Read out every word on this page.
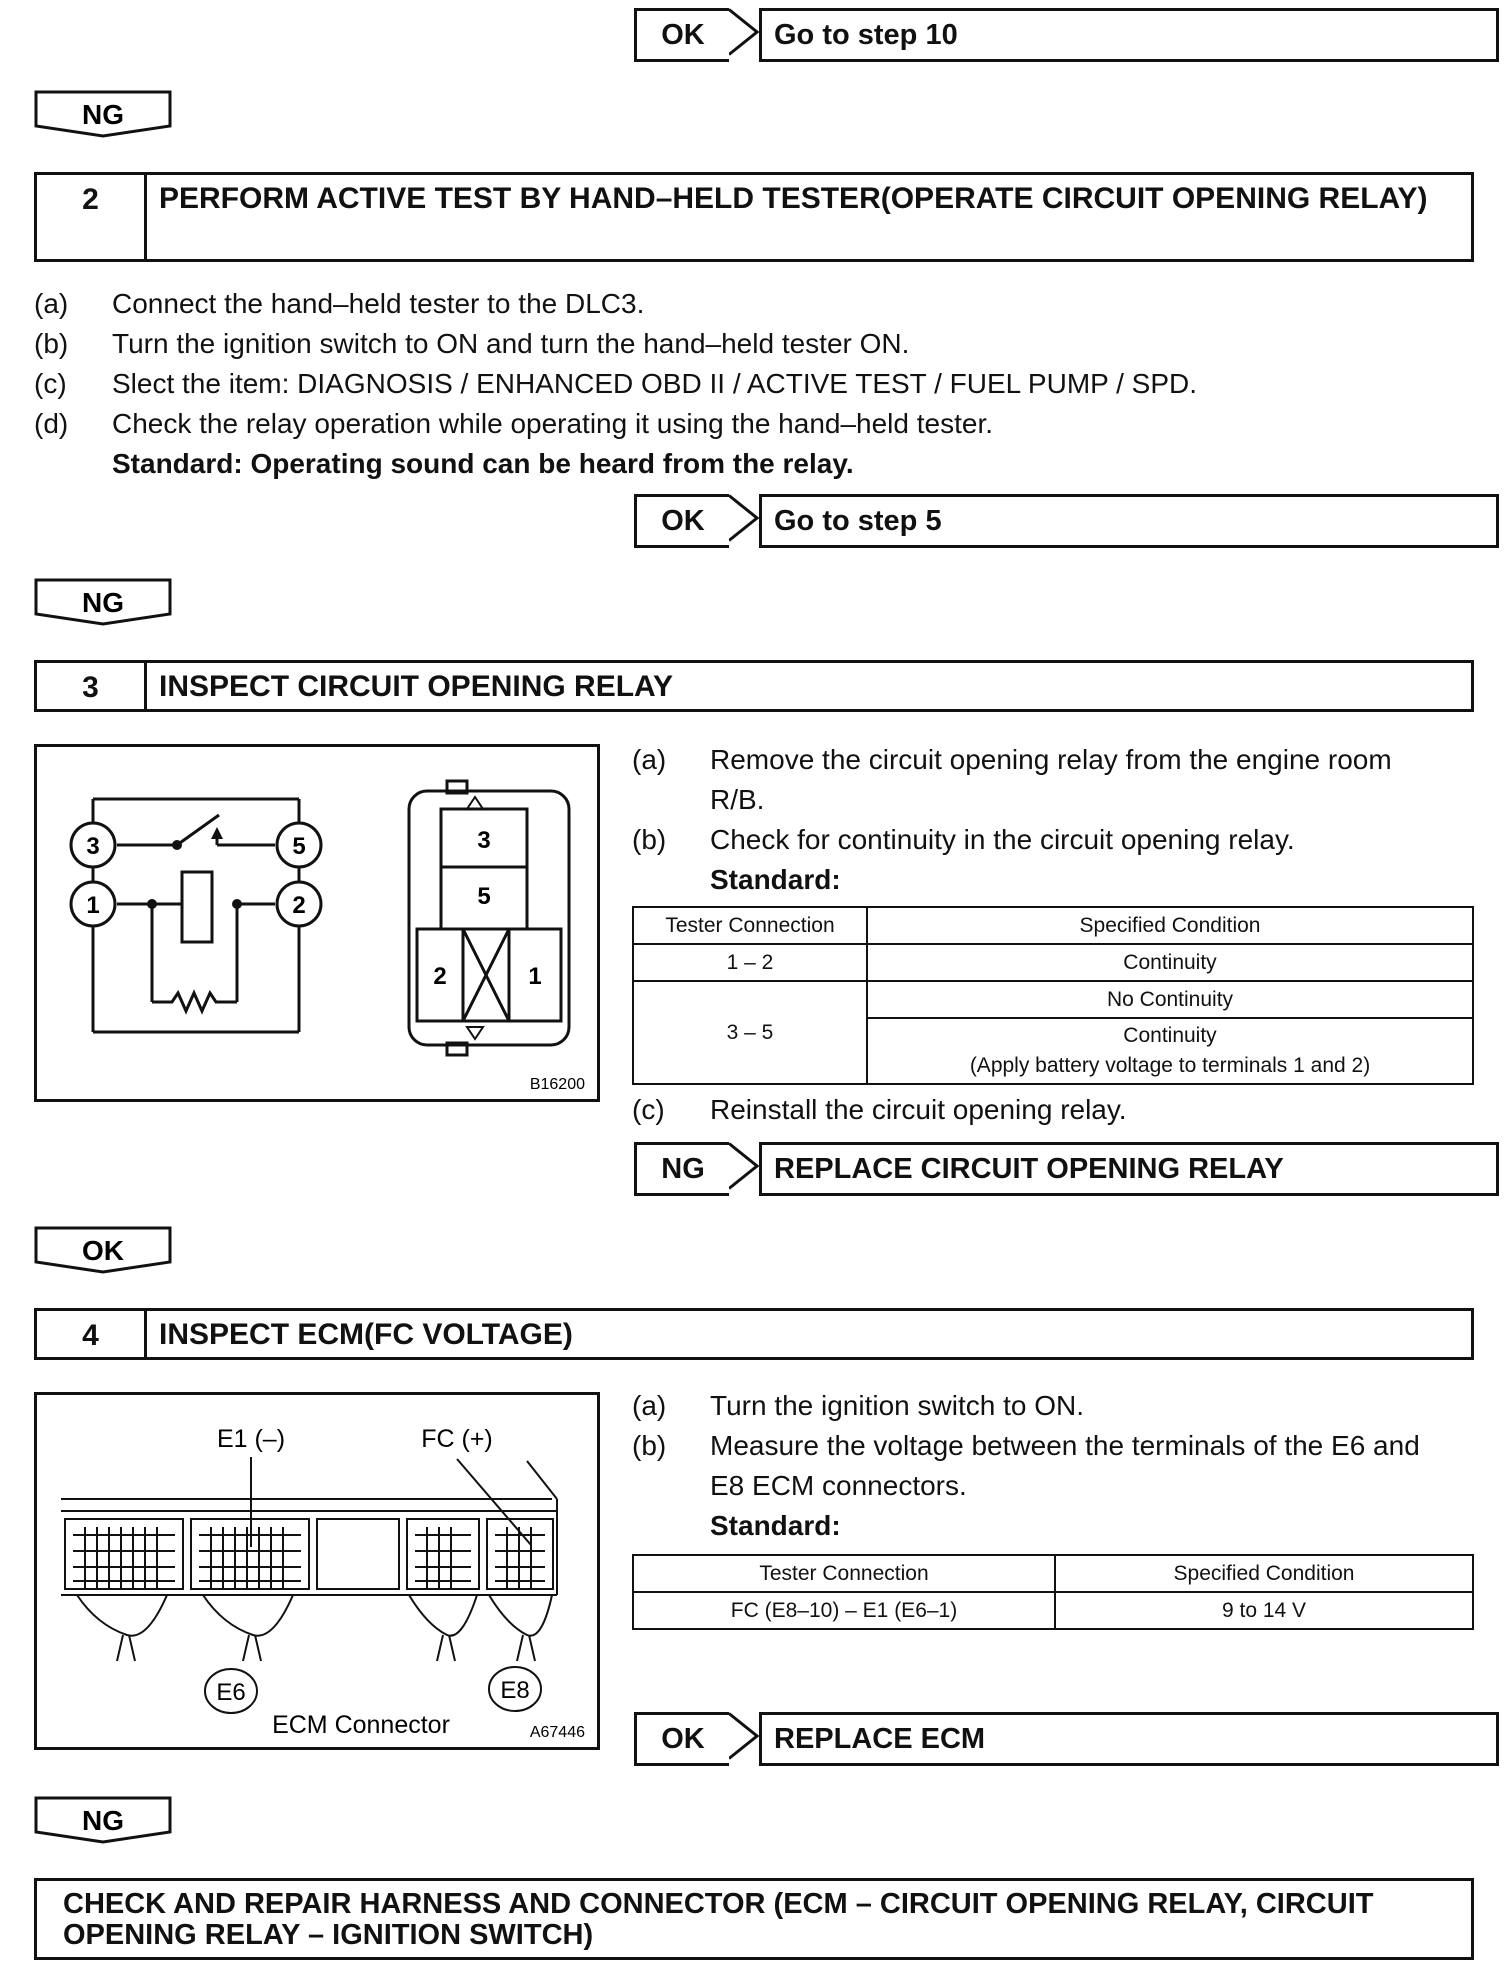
OK	Go to step 10
NG
2	PERFORM ACTIVE TEST BY HAND–HELD TESTER(OPERATE CIRCUIT OPENING RELAY)
(a) Connect the hand–held tester to the DLC3.
(b) Turn the ignition switch to ON and turn the hand–held tester ON.
(c) Slect the item: DIAGNOSIS / ENHANCED OBD II / ACTIVE TEST / FUEL PUMP / SPD.
(d) Check the relay operation while operating it using the hand–held tester.
Standard: Operating sound can be heard from the relay.
OK	Go to step 5
NG
3	INSPECT CIRCUIT OPENING RELAY
3	5
1	2
3
5
2	1
B16200
(a) Remove the circuit opening relay from the engine room
R/B.
(b) Check for continuity in the circuit opening relay.
Standard:
Tester Connection	Specified Condition
1 – 2	Continuity
3 – 5	No Continuity

	Continuity
(Apply battery voltage to terminals 1 and 2)
(c) Reinstall the circuit opening relay.
NG	REPLACE CIRCUIT OPENING RELAY
OK
4	INSPECT ECM(FC VOLTAGE)
E1 (–)	FC (+)
E6	E8
ECM Connector	A67446
(a) Turn the ignition switch to ON.
(b) Measure the voltage between the terminals of the E6 and
E8 ECM connectors.
Standard:
Tester Connection	Specified Condition
FC (E8–10) – E1 (E6–1)	9 to 14 V
OK	REPLACE ECM
NG
CHECK AND REPAIR HARNESS AND CONNECTOR (ECM – CIRCUIT OPENING RELAY, CIRCUIT OPENING RELAY – IGNITION SWITCH)
